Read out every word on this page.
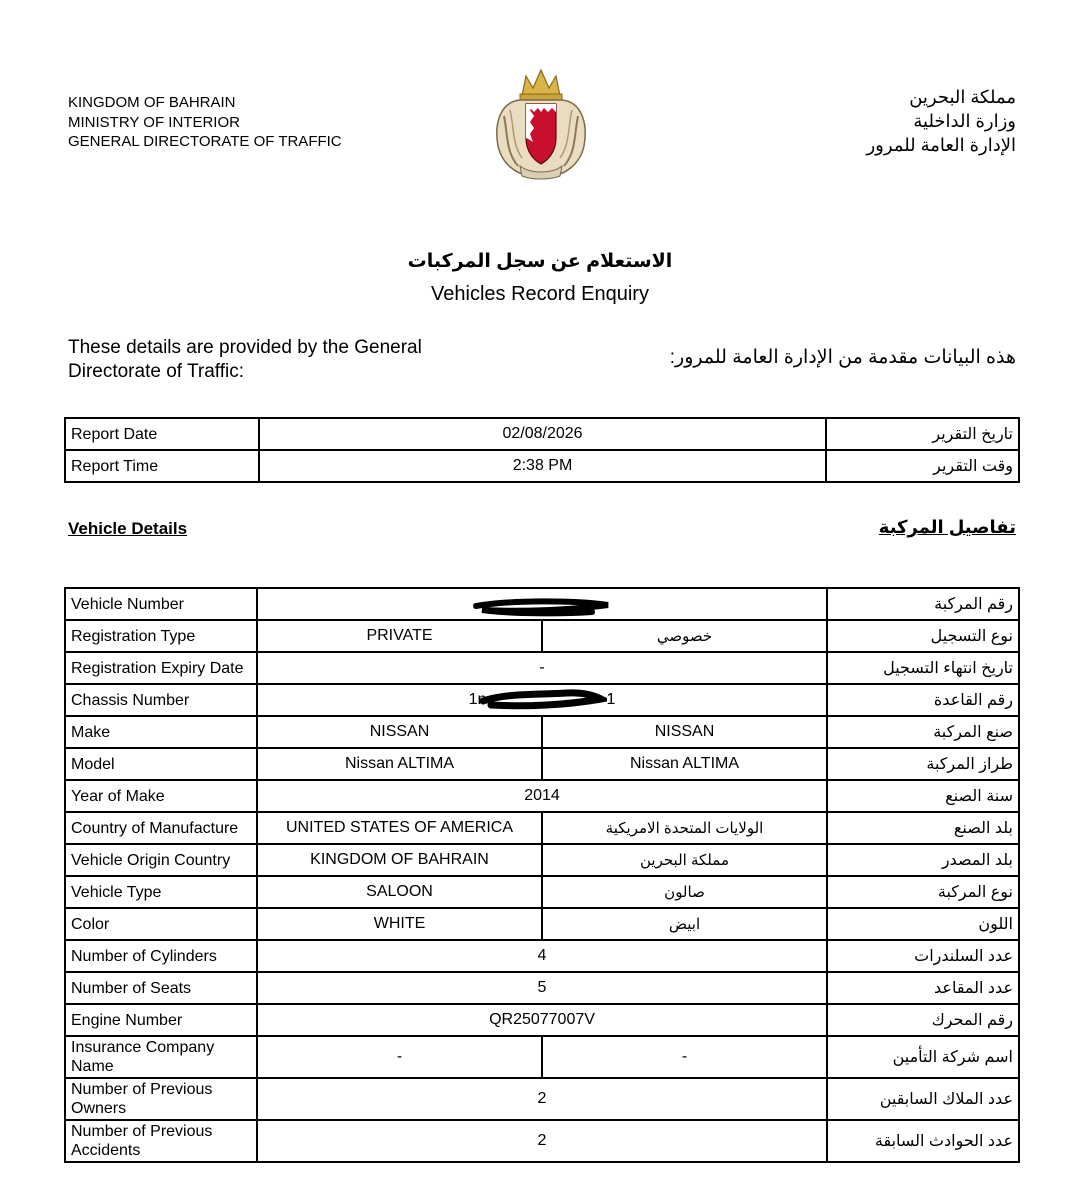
KINGDOM OF BAHRAIN
MINISTRY OF INTERIOR
GENERAL DIRECTORATE OF TRAFFIC
مملكة البحرين
وزارة الداخلية
الإدارة العامة للمرور
الاستعلام عن سجل المركبات
Vehicles Record Enquiry
These details are provided by the General Directorate of Traffic:
هذه البيانات مقدمة من الإدارة العامة للمرور:
Report Date	02/08/2026	تاريخ التقرير
Report Time	2:38 PM	وقت التقرير
Vehicle Details	تفاصيل المركبة
Vehicle Number			رقم المركبة
Registration Type	PRIVATE	خصوصي	نوع التسجيل
Registration Expiry Date	-		تاريخ انتهاء التسجيل
Chassis Number	1n 1		رقم القاعدة
Make	NISSAN	NISSAN	صنع المركبة
Model	Nissan ALTIMA	Nissan ALTIMA	طراز المركبة
Year of Make	2014		سنة الصنع
Country of Manufacture	UNITED STATES OF AMERICA	الولايات المتحدة الامريكية	بلد الصنع
Vehicle Origin Country	KINGDOM OF BAHRAIN	مملكة البحرين	بلد المصدر
Vehicle Type	SALOON	صالون	نوع المركبة
Color	WHITE	ابيض	اللون
Number of Cylinders	4		عدد السلندرات
Number of Seats	5		عدد المقاعد
Engine Number	QR25077007V		رقم المحرك
Insurance Company Name	-	-	اسم شركة التأمين
Number of Previous Owners	2		عدد الملاك السابقين
Number of Previous Accidents	2		عدد الحوادث السابقة
